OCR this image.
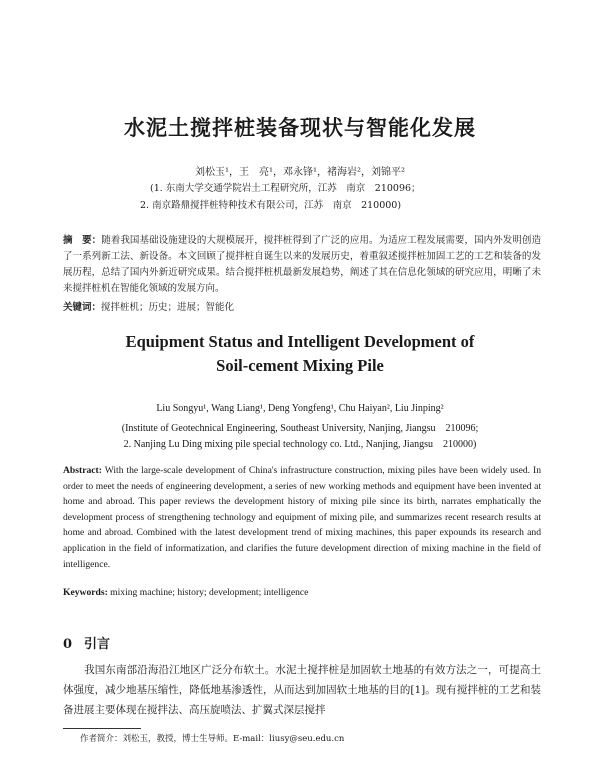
水泥土搅拌桩装备现状与智能化发展
刘松玉¹，王　亮¹，邓永锋¹，褚海岩²，刘锦平²
(1. 东南大学交通学院岩土工程研究所，江苏　南京　210096；
2. 南京路鼎搅拌桩特种技术有限公司，江苏　南京　210000)
摘　要：随着我国基础设施建设的大规模展开，搅拌桩得到了广泛的应用。为适应工程发展需要，国内外发明创造了一系列新工法、新设备。本文回顾了搅拌桩自诞生以来的发展历史，着重叙述搅拌桩加固工艺的工艺和装备的发展历程，总结了国内外新近研究成果。结合搅拌桩机最新发展趋势，阐述了其在信息化领域的研究应用，明晰了未来搅拌桩机在智能化领域的发展方向。
关键词：搅拌桩机；历史；进展；智能化
Equipment Status and Intelligent Development of
Soil-cement Mixing Pile
Liu Songyu¹, Wang Liang¹, Deng Yongfeng¹, Chu Haiyan², Liu Jinping²
(Institute of Geotechnical Engineering, Southeast University, Nanjing, Jiangsu　210096;
2. Nanjing Lu Ding mixing pile special technology co. Ltd., Nanjing, Jiangsu　210000)
Abstract: With the large-scale development of China's infrastructure construction, mixing piles have been widely used. In order to meet the needs of engineering development, a series of new working methods and equipment have been invented at home and abroad. This paper reviews the development history of mixing pile since its birth, narrates emphatically the development process of strengthening technology and equipment of mixing pile, and summarizes recent research results at home and abroad. Combined with the latest development trend of mixing machines, this paper expounds its research and application in the field of informatization, and clarifies the future development direction of mixing machine in the field of intelligence.
Keywords: mixing machine; history; development; intelligence
0 引言
我国东南部沿海沿江地区广泛分布软土。水泥土搅拌桩是加固软土地基的有效方法之一，可提高土体强度，减少地基压缩性，降低地基渗透性，从而达到加固软土地基的目的[1]。现有搅拌桩的工艺和装备进展主要体现在搅拌法、高压旋喷法、扩翼式深层搅拌
作者简介：刘松玉，教授，博士生导师。E-mail：liusy@seu.edu.cn
